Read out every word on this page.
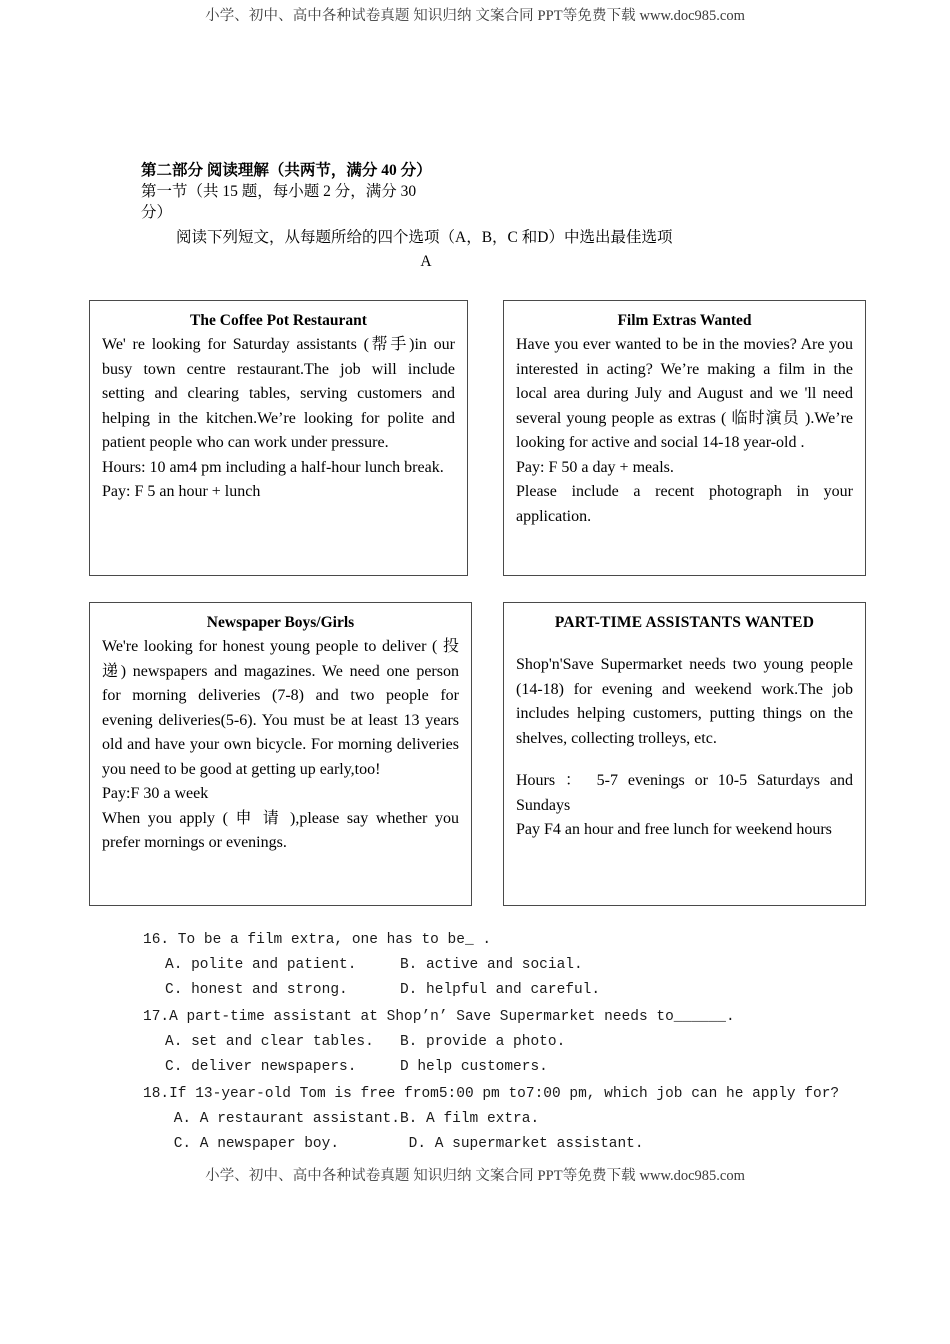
小学、初中、高中各种试卷真题 知识归纳 文案合同 PPT等免费下载 www.doc985.com
第二部分 阅读理解（共两节，满分 40 分）
第一节（共 15 题，每小题 2 分，满分 30
分）
阅读下列短文，从每题所给的四个选项（A，B，C 和D）中选出最佳选项
A
The Coffee Pot Restaurant

We' re looking for Saturday assistants (帮手)in our busy town centre restaurant.The job will include setting and clearing tables, serving customers and helping in the kitchen.We’re looking for polite and patient people who can work under pressure.

Hours: 10 am4 pm including a half-hour lunch break.

Pay: F 5 an hour + lunch

Film Extras Wanted

Have you ever wanted to be in the movies? Are you interested in acting? We’re making a film in the local area during July and August and we 'll need several young people as extras ( 临时演员 ).We’re looking for active and social 14-18 year-old .

Pay: F 50 a day + meals.

Please include a recent photograph in your application.

Newspaper Boys/Girls

We're looking for honest young people to deliver ( 投递) newspapers and magazines. We need one person for morning deliveries (7-8) and two people for evening deliveries(5-6). You must be at least 13 years old and have your own bicycle. For morning deliveries you need to be good at getting up early,too!

Pay:F 30 a week

When you apply ( 申 请 ),please say whether you prefer mornings or evenings.

PART-TIME ASSISTANTS WANTED

Shop'n'Save Supermarket needs two young people (14-18) for evening and weekend work.The job includes helping customers, putting things on the shelves, collecting trolleys, etc.

Hours ： 5-7 evenings or 10-5 Saturdays and Sundays

Pay F4 an hour and free lunch for weekend hours

16. To be a film extra, one has to be_ .
A. polite and patient.     B. active and social.
C. honest and strong.      D. helpful and careful.
17.A part-time assistant at Shop’n’ Save Supermarket needs to______.
A. set and clear tables.   B. provide a photo.
C. deliver newspapers.     D help customers.
18.If 13-year-old Tom is free from5:00 pm to7:00 pm, which job can he apply for?
A. A restaurant assistant.B. A film extra.
C. A newspaper boy.        D. A supermarket assistant.
小学、初中、高中各种试卷真题 知识归纳 文案合同 PPT等免费下载 www.doc985.com
